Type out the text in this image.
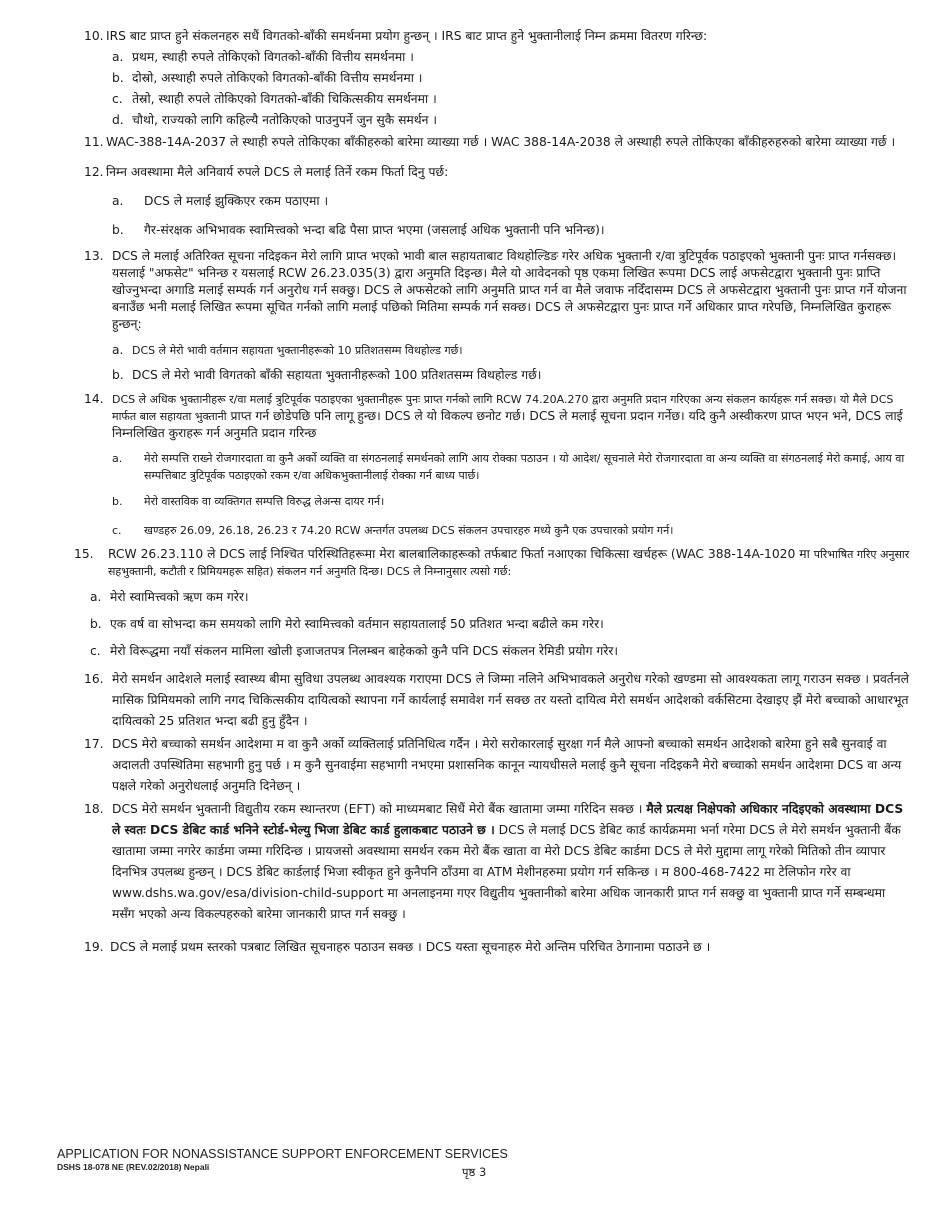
10. IRS बाट प्राप्त हुने संकलनहरु सधैं विगतको-बाँकी समर्थनमा प्रयोग हुन्छन् । IRS बाट प्राप्त हुने भुक्तानीलाई निम्न क्रममा वितरण गरिन्छ:
a. प्रथम, स्थाही रुपले तोकिएको विगतको-बाँकी वित्तीय समर्थनमा ।
b. दोस्रो, अस्थाही रुपले तोकिएको विगतको-बाँकी वित्तीय समर्थनमा ।
c. तेस्रो, स्थाही रुपले तोकिएको विगतको-बाँकी चिकित्सकीय समर्थनमा ।
d. चौथो, राज्यको लागि कहिल्यै नतोकिएको पाउनुपर्ने जुन सुकै समर्थन ।
11. WAC-388-14A-2037 ले स्थाही रुपले तोकिएका बाँकीहरुको बारेमा व्याख्या गर्छ । WAC 388-14A-2038 ले अस्थाही रुपले तोकिएका बाँकीहरुहरुको बारेमा व्याख्या गर्छ ।
12. निम्न अवस्थामा मैले अनिवार्य रुपले DCS ले मलाई तिर्ने रकम फिर्ता दिनु पर्छ:
a. DCS ले मलाई झुक्किएर रकम पठाएमा ।
b. गैर-संरक्षक अभिभावक स्वामित्त्वको भन्दा बढि पैसा प्राप्त भएमा (जसलाई अधिक भुक्तानी पनि भनिन्छ)।
13. DCS ले मलाई अतिरिक्त सूचना नदिइकन मेरो लागि प्राप्त भएको भावी बाल सहायताबाट विथहोल्डिङ गरेर अधिक भुक्तानी र/वा त्रुटिपूर्वक पठाइएको भुक्तानी पुनः प्राप्त गर्नसक्छ। यसलाई "अफसेट" भनिन्छ र यसलाई RCW 26.23.035(3) द्वारा अनुमति दिइन्छ। मैले यो आवेदनको पृष्ठ एकमा लिखित रूपमा DCS लाई अफसेटद्वारा भुक्तानी पुनः प्राप्ति खोज्नुभन्दा अगाडि मलाई सम्पर्क गर्न अनुरोध गर्न सक्छु। DCS ले अफसेटको लागि अनुमति प्राप्त गर्न वा मैले जवाफ नदिँदासम्म DCS ले अफसेटद्वारा भुक्तानी पुनः प्राप्त गर्ने योजना बनाउँछ भनी मलाई लिखित रूपमा सूचित गर्नको लागि मलाई पछिको मितिमा सम्पर्क गर्न सक्छ। DCS ले अफसेटद्वारा पुनः प्राप्त गर्ने अधिकार प्राप्त गरेपछि, निम्नलिखित कुराहरू हुन्छन्:
a. DCS ले मेरो भावी वर्तमान सहायता भुक्तानीहरूको 10 प्रतिशतसम्म विथहोल्ड गर्छ।
b. DCS ले मेरो भावी विगतको बाँकी सहायता भुक्तानीहरूको 100 प्रतिशतसम्म विथहोल्ड गर्छ।
14. DCS ले अधिक भुक्तानीहरू र/वा मलाई त्रुटिपूर्वक पठाइएका भुक्तानीहरू पुनः प्राप्त गर्नको लागि RCW 74.20A.270 द्वारा अनुमति प्रदान गरिएका अन्य संकलन कार्यहरू गर्न सक्छ। यो मैले DCS मार्फत बाल सहायता भुक्तानी प्राप्त गर्न छोडेपछि पनि लागू हुन्छ। DCS ले यो विकल्प छनोट गर्छ। DCS ले मलाई सूचना प्रदान गर्नेछ। यदि कुनै अस्वीकरण प्राप्त भएन भने, DCS लाई निम्नलिखित कुराहरू गर्न अनुमति प्रदान गरिन्छ
a. मेरो सम्पत्ति राख्ने रोजगारदाता वा कुनै अर्को व्यक्ति वा संगठनलाई समर्थनको लागि आय रोक्का पठाउन । यो आदेश/ सूचनाले मेरो रोजगारदाता वा अन्य व्यक्ति वा संगठनलाई मेरो कमाई, आय वा सम्पत्तिबाट त्रुटिपूर्वक पठाइएको रकम र/वा अधिकभुक्तानीलाई रोक्का गर्न बाध्य पार्छ।
b. मेरो वास्तविक वा व्यक्तिगत सम्पत्ति विरुद्ध लेअन्स दायर गर्न।
c. खण्डहरु 26.09, 26.18, 26.23 र 74.20 RCW अन्तर्गत उपलब्ध DCS संकलन उपचारहरु मध्ये कुनै एक उपचारको प्रयोग गर्न।
15. RCW 26.23.110 ले DCS लाई निश्चित परिस्थितिहरूमा मेरा बालबालिकाहरूको तर्फबाट फिर्ता नआएका चिकित्सा खर्चहरू (WAC 388-14A-1020 मा परिभाषित गरिए अनुसार सहभुक्तानी, कटौती र प्रिमियमहरू सहित) संकलन गर्न अनुमति दिन्छ। DCS ले निम्नानुसार त्यसो गर्छ:
a. मेरो स्वामित्त्वको ऋण कम गरेर।
b. एक वर्ष वा सोभन्दा कम समयको लागि मेरो स्वामित्त्वको वर्तमान सहायतालाई 50 प्रतिशत भन्दा बढीले कम गरेर।
c. मेरो विरूद्धमा नयाँ संकलन मामिला खोली इजाजतपत्र निलम्बन बाहेकको कुनै पनि DCS संकलन रेमिडी प्रयोग गरेर।
16. मेरो समर्थन आदेशले मलाई स्वास्थ्य बीमा सुविधा उपलब्ध आवश्यक गराएमा DCS ले जिम्मा नलिने अभिभावकले अनुरोध गरेको खण्डमा सो आवश्यकता लागू गराउन सक्छ । प्रवर्तनले मासिक प्रिमियमको लागि नगद चिकित्सकीय दायित्वको स्थापना गर्ने कार्यलाई समावेश गर्न सक्छ तर यस्तो दायित्व मेरो समर्थन आदेशको वर्कसिटमा देखाइए झैं मेरो बच्चाको आधारभूत दायित्वको 25 प्रतिशत भन्दा बढी हुनु हुँदैन ।
17. DCS मेरो बच्चाको समर्थन आदेशमा म वा कुनै अर्को व्यक्तिलाई प्रतिनिधित्व गर्दैन । मेरो सरोकारलाई सुरक्षा गर्न मैले आफ्नो बच्चाको समर्थन आदेशको बारेमा हुने सबै सुनवाई वा अदालती उपस्थितिमा सहभागी हुनु पर्छ । म कुनै सुनवाईमा सहभागी नभएमा प्रशासनिक कानून न्यायधीसले मलाई कुनै सूचना नदिइकनै मेरो बच्चाको समर्थन आदेशमा DCS वा अन्य पक्षले गरेको अनुरोधलाई अनुमति दिनेछन् ।
18. DCS मेरो समर्थन भुक्तानी विद्युतीय रकम स्थान्तरण (EFT) को माध्यमबाट सिधैं मेरो बैंक खातामा जम्मा गरिदिन सक्छ । मैले प्रत्यक्ष निक्षेपको अधिकार नदिइएको अवस्थामा DCS ले स्वतः DCS डेबिट कार्ड भनिने स्टोर्ड-भेल्यु भिजा डेबिट कार्ड हुलाकबाट पठाउने छ । DCS ले मलाई DCS डेबिट कार्ड कार्यक्रममा भर्ना गरेमा DCS ले मेरो समर्थन भुक्तानी बैंक खातामा जम्मा नगरेर कार्डमा जम्मा गरिदिन्छ । प्रायजसो अवस्थामा समर्थन रकम मेरो बैंक खाता वा मेरो DCS डेबिट कार्डमा DCS ले मेरो मुद्दामा लागू गरेको मितिको तीन व्यापार दिनभित्र उपलब्ध हुन्छन् । DCS डेबिट कार्डलाई भिजा स्वीकृत हुने कुनैपनि ठाँउमा वा ATM मेशीनहरुमा प्रयोग गर्न सकिन्छ । म 800-468-7422 मा टेलिफोन गरेर वा www.dshs.wa.gov/esa/division-child-support मा अनलाइनमा गएर विद्युतीय भुक्तानीको बारेमा अधिक जानकारी प्राप्त गर्न सक्छु वा भुक्तानी प्राप्त गर्ने सम्बन्धमा मसँग भएको अन्य विकल्पहरुको बारेमा जानकारी प्राप्त गर्न सक्छु ।
19. DCS ले मलाई प्रथम स्तरको पत्रबाट लिखित सूचनाहरु पठाउन सक्छ । DCS यस्ता सूचनाहरु मेरो अन्तिम परिचित ठेगानामा पठाउने छ ।
APPLICATION FOR NONASSISTANCE SUPPORT ENFORCEMENT SERVICES
DSHS 18-078 NE (REV.02/2018) Nepali	पृष्ठ 3
